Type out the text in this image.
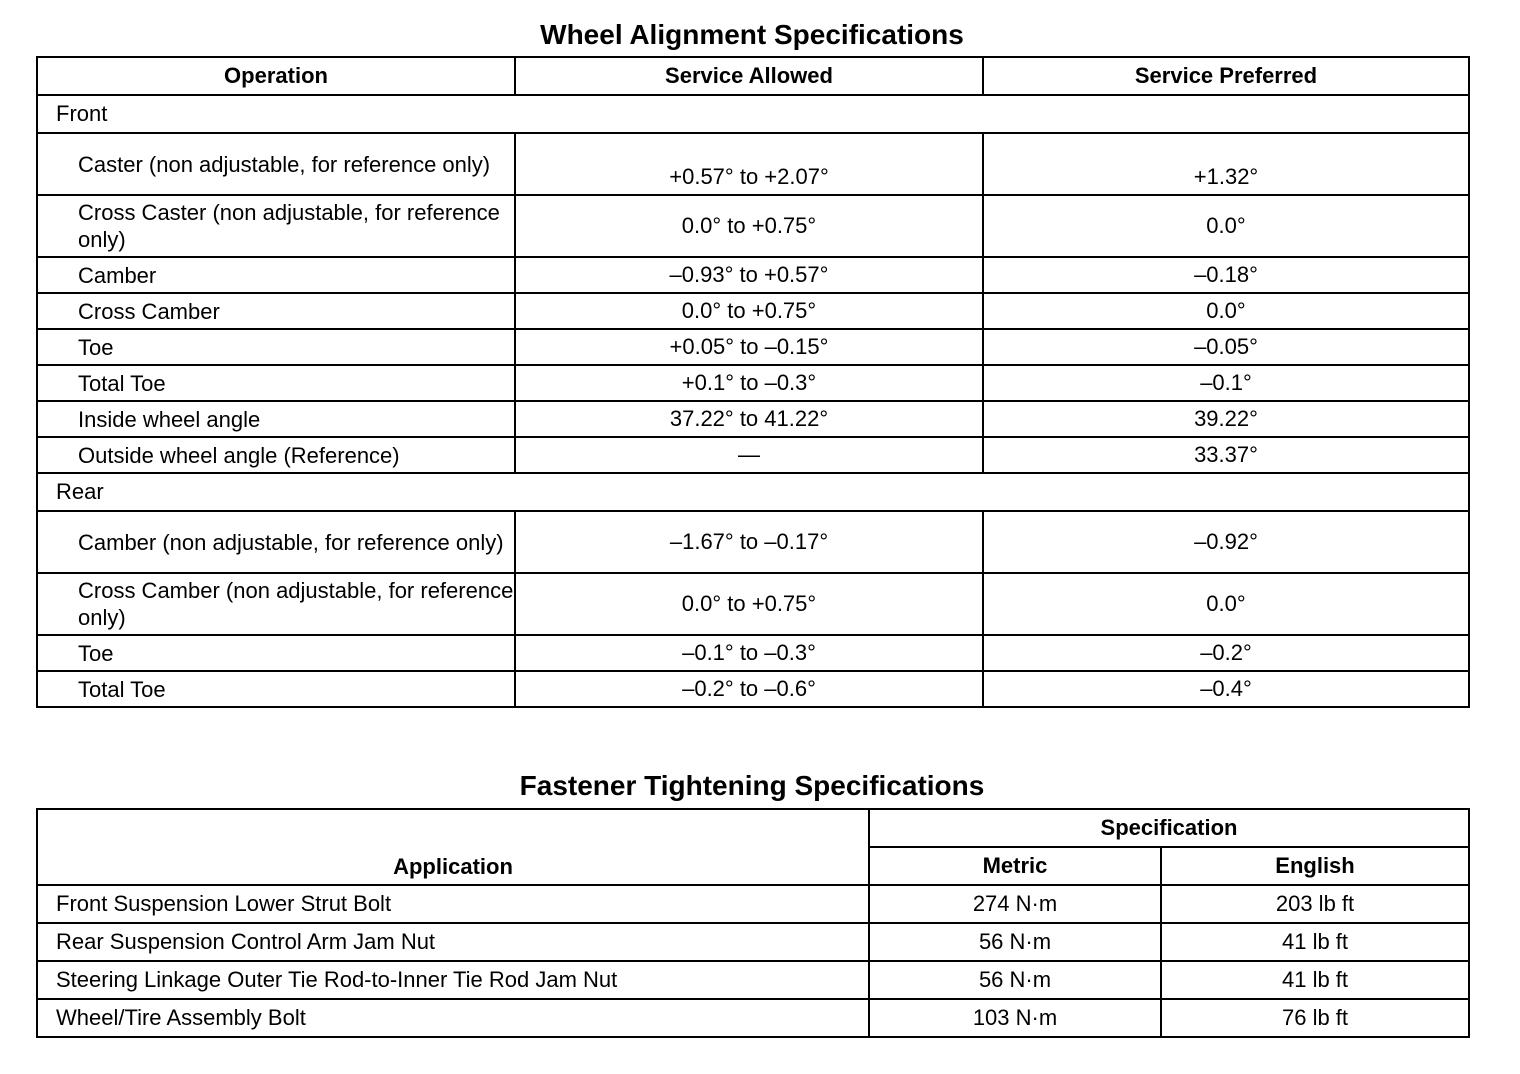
Wheel Alignment Specifications
Operation	Service Allowed	Service Preferred
Front		
Caster (non adjustable, for reference only)	+0.57° to +2.07°	+1.32°
Cross Caster (non adjustable, for reference only)	0.0° to +0.75°	0.0°
Camber	–0.93° to +0.57°	–0.18°
Cross Camber	0.0° to +0.75°	0.0°
Toe	+0.05° to –0.15°	–0.05°
Total Toe	+0.1° to –0.3°	–0.1°
Inside wheel angle	37.22° to 41.22°	39.22°
Outside wheel angle (Reference)	—	33.37°
Rear		
Camber (non adjustable, for reference only)	–1.67° to –0.17°	–0.92°
Cross Camber (non adjustable, for reference only)	0.0° to +0.75°	0.0°
Toe	–0.1° to –0.3°	–0.2°
Total Toe	–0.2° to –0.6°	–0.4°
Fastener Tightening Specifications
Application	Specification	
	Metric	English
Front Suspension Lower Strut Bolt	274 N·m	203 lb ft
Rear Suspension Control Arm Jam Nut	56 N·m	41 lb ft
Steering Linkage Outer Tie Rod-to-Inner Tie Rod Jam Nut	56 N·m	41 lb ft
Wheel/Tire Assembly Bolt	103 N·m	76 lb ft
